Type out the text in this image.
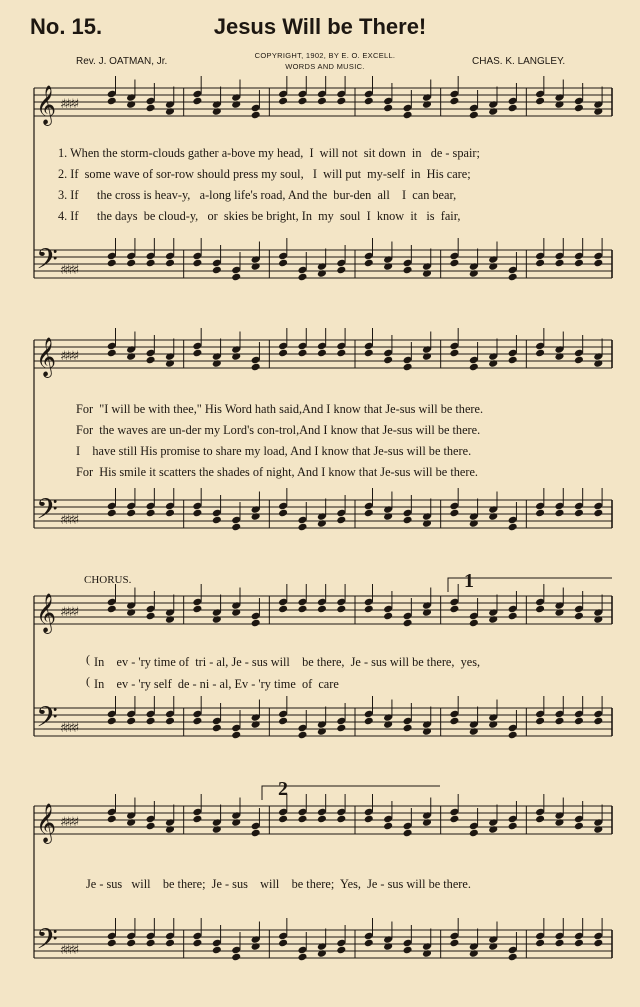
No. 15.	Jesus Will be There!
Rev. J. OATMAN, Jr.
COPYRIGHT, 1902, BY E. O. EXCELL.
WORDS AND MUSIC.	CHAS. K. LANGLEY.
𝄞
𝄢
♯♯♯♯
♯♯♯♯
𝄞
𝄢
♯♯♯♯
♯♯♯♯
𝄞
𝄢
♯♯♯♯
♯♯♯♯
𝄞
𝄢
♯♯♯♯
♯♯♯♯
1. When the storm-clouds gather a-bove my head,  I  will not  sit down  in   de - spair;
2. If  some wave of sor-row should press my soul,   I  will put  my-self  in  His care;
3. If      the cross is heav-y,   a-long life's road, And the  bur-den  all    I  can bear,
4. If      the days  be cloud-y,   or  skies be bright, In  my  soul  I  know  it   is  fair,
For  "I will be with thee," His Word hath said,And I know that Je-sus will be there.
For  the waves are un-der my Lord's con-trol,And I know that Je-sus will be there.
I    have still His promise to share my load, And I know that Je-sus will be there.
For  His smile it scatters the shades of night, And I know that Je-sus will be there.
CHORUS.
( In    ev - 'ry time of  tri - al, Je - sus will    be there,  Je - sus will be there,  yes,
( In    ev - 'ry self  de - ni - al, Ev - 'ry time  of  care
1
2
Je - sus   will    be there;  Je - sus    will    be there;  Yes,  Je - sus will be there.
